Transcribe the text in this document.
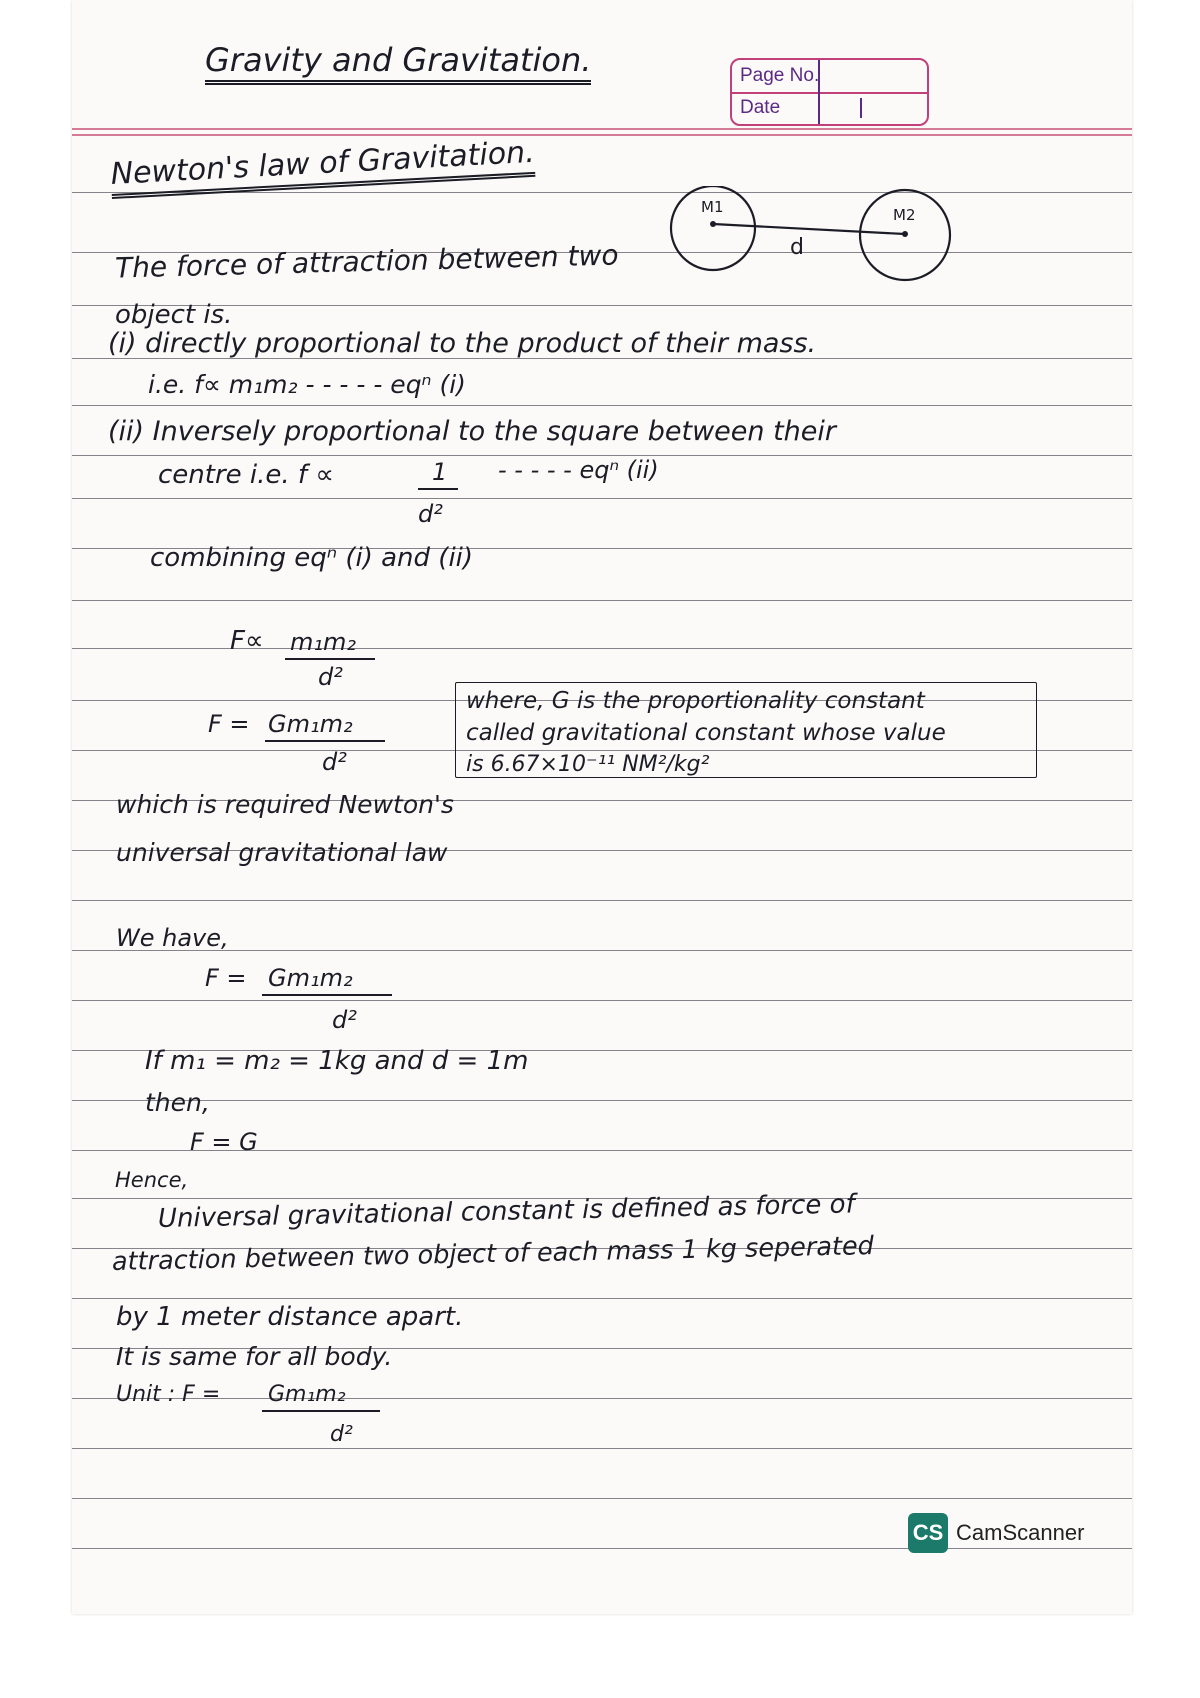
Gravity and Gravitation.	Page No.
Date
Newton's law of Gravitation.
M1	M2
d
The force of attraction between two
object is.
(i) directly proportional to the product of their mass.
i.e. f∝ m₁m₂ - - - - - eqⁿ (i)
(ii) Inversely proportional to the square between their
centre i.e. f ∝	1
d²
- - - - - eqⁿ (ii)
combining eqⁿ (i) and (ii)
F∝ m₁m₂
d²
F = Gm₁m₂
d²
where, G is the proportionality constant
called gravitational constant whose value
is 6.67×10⁻¹¹ NM²/kg²
which is required Newton's
universal gravitational law
We have,
F = Gm₁m₂
d²
If m₁ = m₂ = 1kg and d = 1m
then,
F = G
Hence,
Universal gravitational constant is defined as force of
attraction between two object of each mass 1 kg seperated
by 1 meter distance apart.
It is same for all body.
Unit : F = Gm₁m₂
d²
CS CamScanner
